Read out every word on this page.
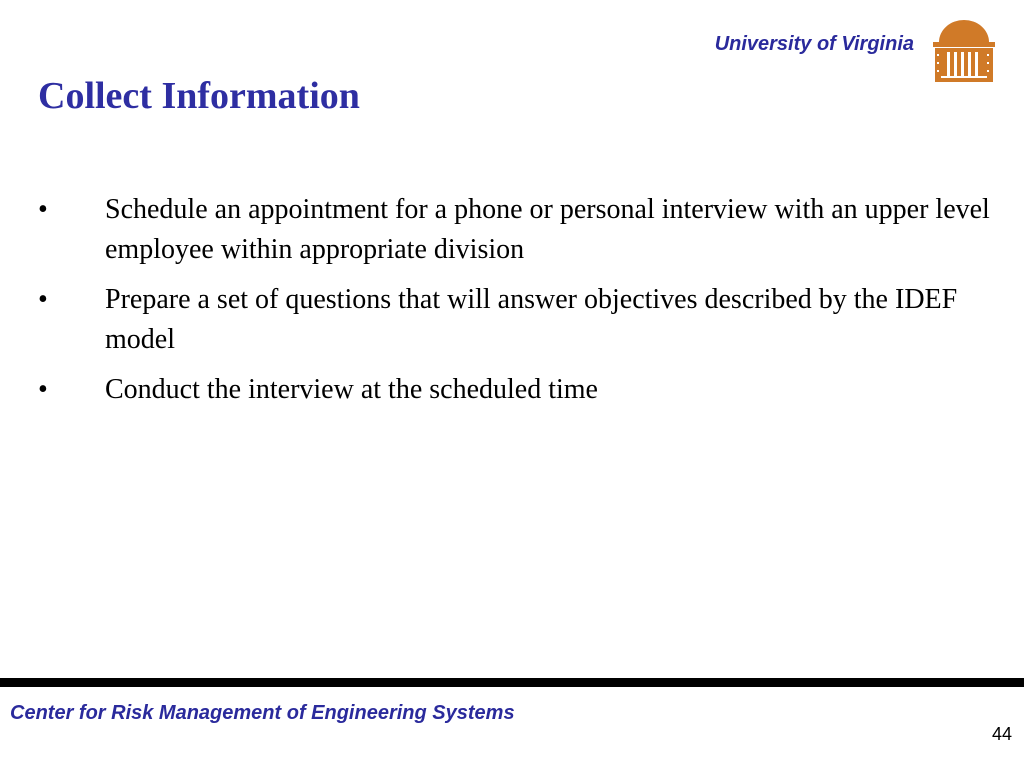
University of Virginia
Collect Information
•	Schedule an appointment for a phone or personal interview with an upper level employee within appropriate division
•	Prepare a set of questions that will answer objectives described by the IDEF model
•	Conduct the interview at the scheduled time
Center for Risk Management of Engineering Systems
44
